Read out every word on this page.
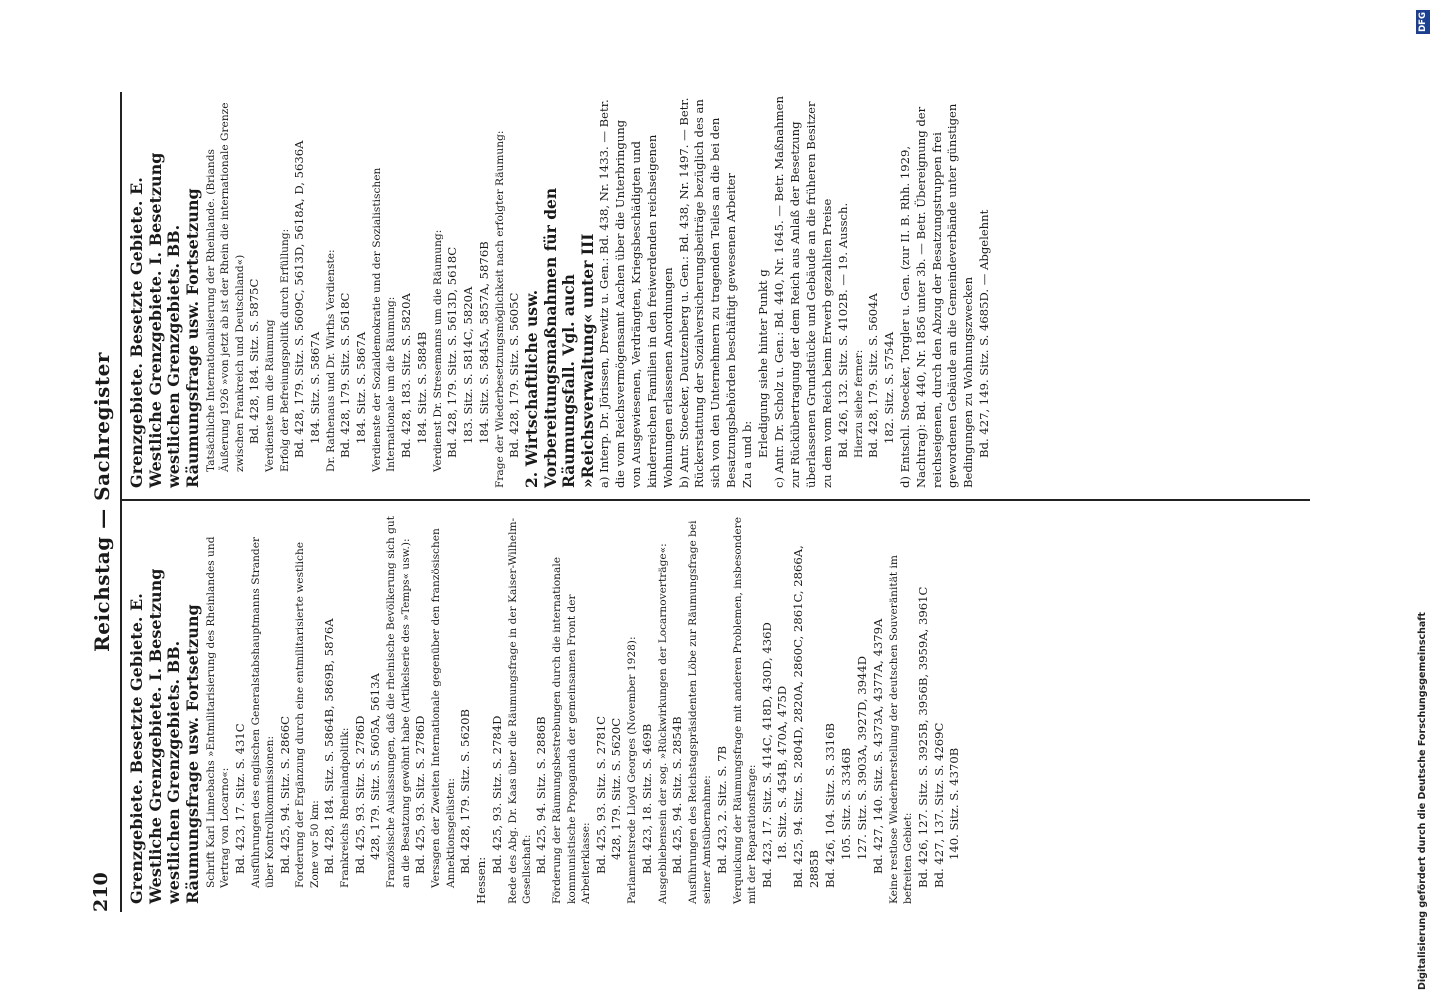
210
Reichstag — Sachregister
Grenzgebiete. Besetzte Gebiete. E. Westliche Grenzgebiete. I. Besetzung westlichen Grenzgebiets. BB. Räumungsfrage usw. Fortsetzung Schrift Karl Linnebachs »Entmilitarisierung des Rheinlandes und Vertrag von Locarno«: Bd. 423, 17. Sitz. S. 431C Ausführungen des englischen Generalstabshauptmanns Strander über Kontrollkommissionen: Bd. 425, 94. Sitz. S. 2866C Forderung der Ergänzung durch eine entmilitarisierte westliche Zone vor 50 km: Bd. 428, 184. Sitz. S. 5864B, 5869B, 5876A Frankreichs Rheinlandpolitik: Bd. 425, 93. Sitz. S. 2786D 428, 179. Sitz. S. 5605A, 5613A Französische Auslassungen, daß die rheinische Bevölkerung sich gut an die Besatzung gewöhnt habe (Artikelserie des »Temps« usw.): Bd. 425, 93. Sitz. S. 2786D Versagen der Zweiten Internationale gegenüber den französischen Annektionsgelüsten: Bd. 428, 179. Sitz. S. 5620B
Hessen:
Bd. 425, 93. Sitz. S. 2784D Rede des Abg. Dr. Kaas über die Räumungsfrage in der Kaiser-Wilhelm-Gesellschaft: Bd. 425, 94. Sitz. S. 2886B Förderung der Räumungsbestrebungen durch die internationale kommunistische Propaganda der gemeinsamen Front der Arbeiterklasse: Bd. 425, 93. Sitz. S. 2781C 428, 179. Sitz. S. 5620C Parlamentsrede Lloyd Georges (November 1928): Bd. 423, 18. Sitz. S. 469B Ausgebliebensein der sog. »Rückwirkungen der Locarnoverträge«: Bd. 425, 94. Sitz. S. 2854B Ausführungen des Reichstagspräsidenten Löbe zur Räumungsfrage bei seiner Amtsübernahme: Bd. 423, 2. Sitz. S. 7B Verquickung der Räumungsfrage mit anderen Problemen, insbesondere mit der Reparationsfrage: Bd. 423, 17. Sitz. S. 414C, 418D, 430D, 436D 18. Sitz. S. 454B, 470A, 475D Bd. 425, 94. Sitz. S. 2804D, 2820A, 2860C, 2861C, 2866A, 2885B Bd. 426, 104. Sitz. S. 3316B 105. Sitz. S. 3346B 127. Sitz. S. 3903A, 3927D, 3944D Bd. 427, 140. Sitz. S. 4373A, 4377A, 4379A Keine restlose Wiederherstellung der deutschen Souveränität im befreiten Gebiet: Bd. 426, 127. Sitz. S. 3925B, 3956B, 3959A, 3961C Bd. 427, 137. Sitz. S. 4269C 140. Sitz. S. 4370B
Grenzgebiete. Besetzte Gebiete. E. Westliche Grenzgebiete. I. Besetzung westlichen Grenzgebiets. BB. Räumungsfrage usw. Fortsetzung Tatsächliche Internationalisierung der Rheinlande. (Briands Äußerung 1926 »von jetzt ab ist der Rhein die internationale Grenze zwischen Frankreich und Deutschland«) Bd. 428, 184. Sitz. S. 5875C Verdienste um die Räumung Erfolg der Befreiungspolitik durch Erfüllung: Bd. 428, 179. Sitz. S. 5609C, 5613D, 5618A, D, 5636A 184. Sitz. S. 5867A Dr. Rathenaus und Dr. Wirths Verdienste: Bd. 428, 179. Sitz. S. 5618C 184. Sitz. S. 5867A Verdienste der Sozialdemokratie und der Sozialistischen Internationale um die Räumung: Bd. 428, 183. Sitz. S. 5820A 184. Sitz. S. 5884B Verdienst Dr. Stresemanns um die Räumung: Bd. 428, 179. Sitz. S. 5613D, 5618C 183. Sitz. S. 5814C, 5820A 184. Sitz. S. 5845A, 5857A, 5876B Frage der Wiederbesetzungsmöglichkeit nach erfolgter Räumung: Bd. 428, 179. Sitz. S. 5605C 2. Wirtschaftliche usw. Vorbereitungsmaßnahmen für den Räumungsfall. Vgl. auch »Reichsverwaltung« unter III a) Interp. Dr. Jörissen, Drewitz u. Gen.: Bd. 438, Nr. 1433. — Betr. die vom Reichsvermögensamt Aachen über die Unterbringung von Ausgewiesenen, Verdrängten, Kriegsbeschädigten und kinderreichen Familien in den freiwerdenden reichseigenen Wohnungen erlassenen Anordnungen b) Antr. Stoecker, Dautzenberg u. Gen.: Bd. 438, Nr. 1497. — Betr. Rückerstattung der Sozialversicherungsbeiträge bezüglich des an sich von den Unternehmern zu tragenden Teiles an die bei den Besatzungsbehörden beschäftigt gewesenen Arbeiter Zu a und b: Erledigung siehe hinter Punkt g c) Antr. Dr. Scholz u. Gen.: Bd. 440, Nr. 1645. — Betr. Maßnahmen zur Rückübertragung der dem Reich aus Anlaß der Besetzung überlassenen Grundstücke und Gebäude an die früheren Besitzer zu dem vom Reich beim Erwerb gezahlten Preise Bd. 426, 132. Sitz. S. 4102B. — 19. Aussch. Hierzu siehe ferner: Bd. 428, 179. Sitz. S. 5604A 182. Sitz. S. 5754A d) Entschl. Stoecker, Torgler u. Gen. (zur II. B. Rhh. 1929, Nachtrag): Bd. 440, Nr. 1856 unter 3b. — Betr. Übereignung der reichseigenen, durch den Abzug der Besatzungstruppen frei gewordenen Gebäude an die Gemeindeverbände unter günstigen Bedingungen zu Wohnungszwecken Bd. 427, 149. Sitz. S. 4685D. — Abgelehnt
Digitalisierung gefördert durch die Deutsche Forschungsgemeinschaft
DFG
